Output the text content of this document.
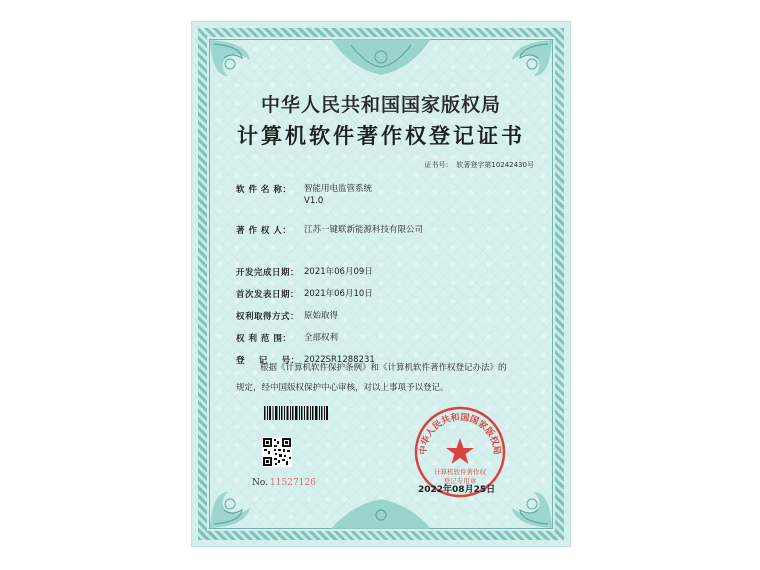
中华人民共和国国家版权局
计算机软件著作权登记证书
证书号： 软著登字第10242430号
软 件 名 称：	智能用电监管系统
V1.0
著 作 权 人：	江苏一键联新能源科技有限公司
开发完成日期： 2021年06月09日
首次发表日期： 2021年06月10日
权利取得方式： 原始取得
权 利 范 围：	全部权利
登    记    号： 2022SR1288231
根据《计算机软件保护条例》和《计算机软件著作权登记办法》的
规定，经中国版权保护中心审核，对以上事项予以登记。
No. 11527126
中华人民共和国国家版权局
计算机软件著作权
登记专用章
2022年08月25日
